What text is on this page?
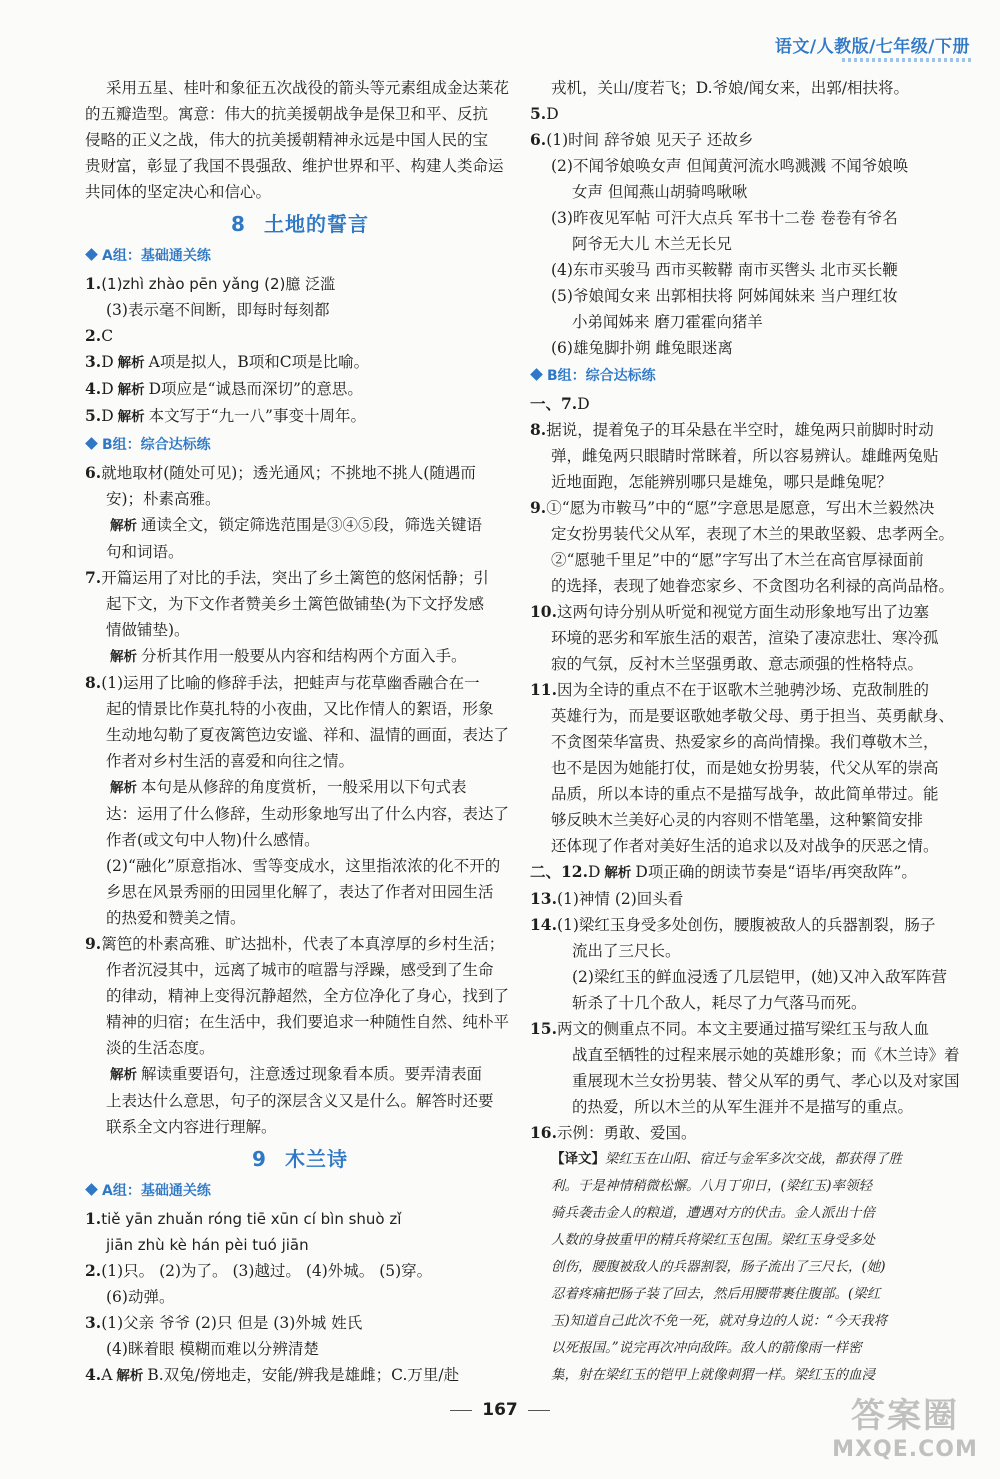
语文/人教版/七年级/下册
采用五星、桂叶和象征五次战役的箭头等元素组成金达莱花
的五瓣造型。寓意：伟大的抗美援朝战争是保卫和平、反抗
侵略的正义之战，伟大的抗美援朝精神永远是中国人民的宝
贵财富，彰显了我国不畏强敌、维护世界和平、构建人类命运
共同体的坚定决心和信心。
8 土地的誓言
A组：基础通关练
1.(1)zhì zhào pēn yǎng (2)臆 泛滥
(3)表示毫不间断，即每时每刻都
2.C
3.D 解析 A项是拟人，B项和C项是比喻。
4.D 解析 D项应是“诚恳而深切”的意思。
5.D 解析 本文写于“九一八”事变十周年。
B组：综合达标练
6.就地取材(随处可见)；透光通风；不挑地不挑人(随遇而
安)；朴素高雅。
解析 通读全文，锁定筛选范围是③④⑤段，筛选关键语
句和词语。
7.开篇运用了对比的手法，突出了乡土篱笆的悠闲恬静；引
起下文，为下文作者赞美乡土篱笆做铺垫(为下文抒发感
情做铺垫)。
解析 分析其作用一般要从内容和结构两个方面入手。
8.(1)运用了比喻的修辞手法，把蛙声与花草幽香融合在一
起的情景比作莫扎特的小夜曲，又比作情人的絮语，形象
生动地勾勒了夏夜篱笆边安谧、祥和、温情的画面，表达了
作者对乡村生活的喜爱和向往之情。
解析 本句是从修辞的角度赏析，一般采用以下句式表
达：运用了什么修辞，生动形象地写出了什么内容，表达了
作者(或文句中人物)什么感情。
(2)“融化”原意指冰、雪等变成水，这里指浓浓的化不开的
乡思在风景秀丽的田园里化解了，表达了作者对田园生活
的热爱和赞美之情。
9.篱笆的朴素高雅、旷达拙朴，代表了本真淳厚的乡村生活；
作者沉浸其中，远离了城市的喧嚣与浮躁，感受到了生命
的律动，精神上变得沉静超然，全方位净化了身心，找到了
精神的归宿；在生活中，我们要追求一种随性自然、纯朴平
淡的生活态度。
解析 解读重要语句，注意透过现象看本质。要弄清表面
上表达什么意思，句子的深层含义又是什么。解答时还要
联系全文内容进行理解。
9 木兰诗
A组：基础通关练
1.tiě yān zhuǎn róng tiē xūn cí bìn shuò zǐ
jiān zhù kè hán pèi tuó jiān
2.(1)只。 (2)为了。 (3)越过。 (4)外城。 (5)穿。
(6)动弹。
3.(1)父亲 爷爷 (2)只 但是 (3)外城 姓氏
(4)眯着眼 模糊而难以分辨清楚
4.A 解析 B.双兔/傍地走，安能/辨我是雄雌；C.万里/赴
戎机，关山/度若飞；D.爷娘/闻女来，出郭/相扶将。
5.D
6.(1)时间 辞爷娘 见天子 还故乡
(2)不闻爷娘唤女声 但闻黄河流水鸣溅溅 不闻爷娘唤
女声 但闻燕山胡骑鸣啾啾
(3)昨夜见军帖 可汗大点兵 军书十二卷 卷卷有爷名
阿爷无大儿 木兰无长兄
(4)东市买骏马 西市买鞍鞯 南市买辔头 北市买长鞭
(5)爷娘闻女来 出郭相扶将 阿姊闻妹来 当户理红妆
小弟闻姊来 磨刀霍霍向猪羊
(6)雄兔脚扑朔 雌兔眼迷离
B组：综合达标练
一、7.D
8.据说，提着兔子的耳朵悬在半空时，雄兔两只前脚时时动
弹，雌兔两只眼睛时常眯着，所以容易辨认。雄雌两兔贴
近地面跑，怎能辨别哪只是雄兔，哪只是雌兔呢？
9.①“愿为市鞍马”中的“愿”字意思是愿意，写出木兰毅然决
定女扮男装代父从军，表现了木兰的果敢坚毅、忠孝两全。
②“愿驰千里足”中的“愿”字写出了木兰在高官厚禄面前
的选择，表现了她眷恋家乡、不贪图功名利禄的高尚品格。
10.这两句诗分别从听觉和视觉方面生动形象地写出了边塞
环境的恶劣和军旅生活的艰苦，渲染了凄凉悲壮、寒冷孤
寂的气氛，反衬木兰坚强勇敢、意志顽强的性格特点。
11.因为全诗的重点不在于讴歌木兰驰骋沙场、克敌制胜的
英雄行为，而是要讴歌她孝敬父母、勇于担当、英勇献身、
不贪图荣华富贵、热爱家乡的高尚情操。我们尊敬木兰，
也不是因为她能打仗，而是她女扮男装，代父从军的崇高
品质，所以本诗的重点不是描写战争，故此简单带过。能
够反映木兰美好心灵的内容则不惜笔墨，这种繁简安排
还体现了作者对美好生活的追求以及对战争的厌恶之情。
二、12.D 解析 D项正确的朗读节奏是“语毕/再突敌阵”。
13.(1)神情 (2)回头看
14.(1)梁红玉身受多处创伤，腰腹被敌人的兵器割裂，肠子
流出了三尺长。
(2)梁红玉的鲜血浸透了几层铠甲，(她)又冲入敌军阵营
斩杀了十几个敌人，耗尽了力气落马而死。
15.两文的侧重点不同。本文主要通过描写梁红玉与敌人血
战直至牺牲的过程来展示她的英雄形象；而《木兰诗》着
重展现木兰女扮男装、替父从军的勇气、孝心以及对家国
的热爱，所以木兰的从军生涯并不是描写的重点。
16.示例：勇敢、爱国。
【译文】梁红玉在山阳、宿迁与金军多次交战，都获得了胜
利。于是神情稍微松懈。八月丁卯日，(梁红玉)率领轻
骑兵袭击金人的粮道，遭遇对方的伏击。金人派出十倍
人数的身披重甲的精兵将梁红玉包围。梁红玉身受多处
创伤，腰腹被敌人的兵器割裂，肠子流出了三尺长，(她)
忍着疼痛把肠子装了回去，然后用腰带裹住腹部。(梁红
玉)知道自己此次不免一死，就对身边的人说：“今天我将
以死报国。”说完再次冲向敌阵。敌人的箭像雨一样密
集，射在梁红玉的铠甲上就像刺猬一样。梁红玉的血浸
167	答案圈
MXQE.COM
